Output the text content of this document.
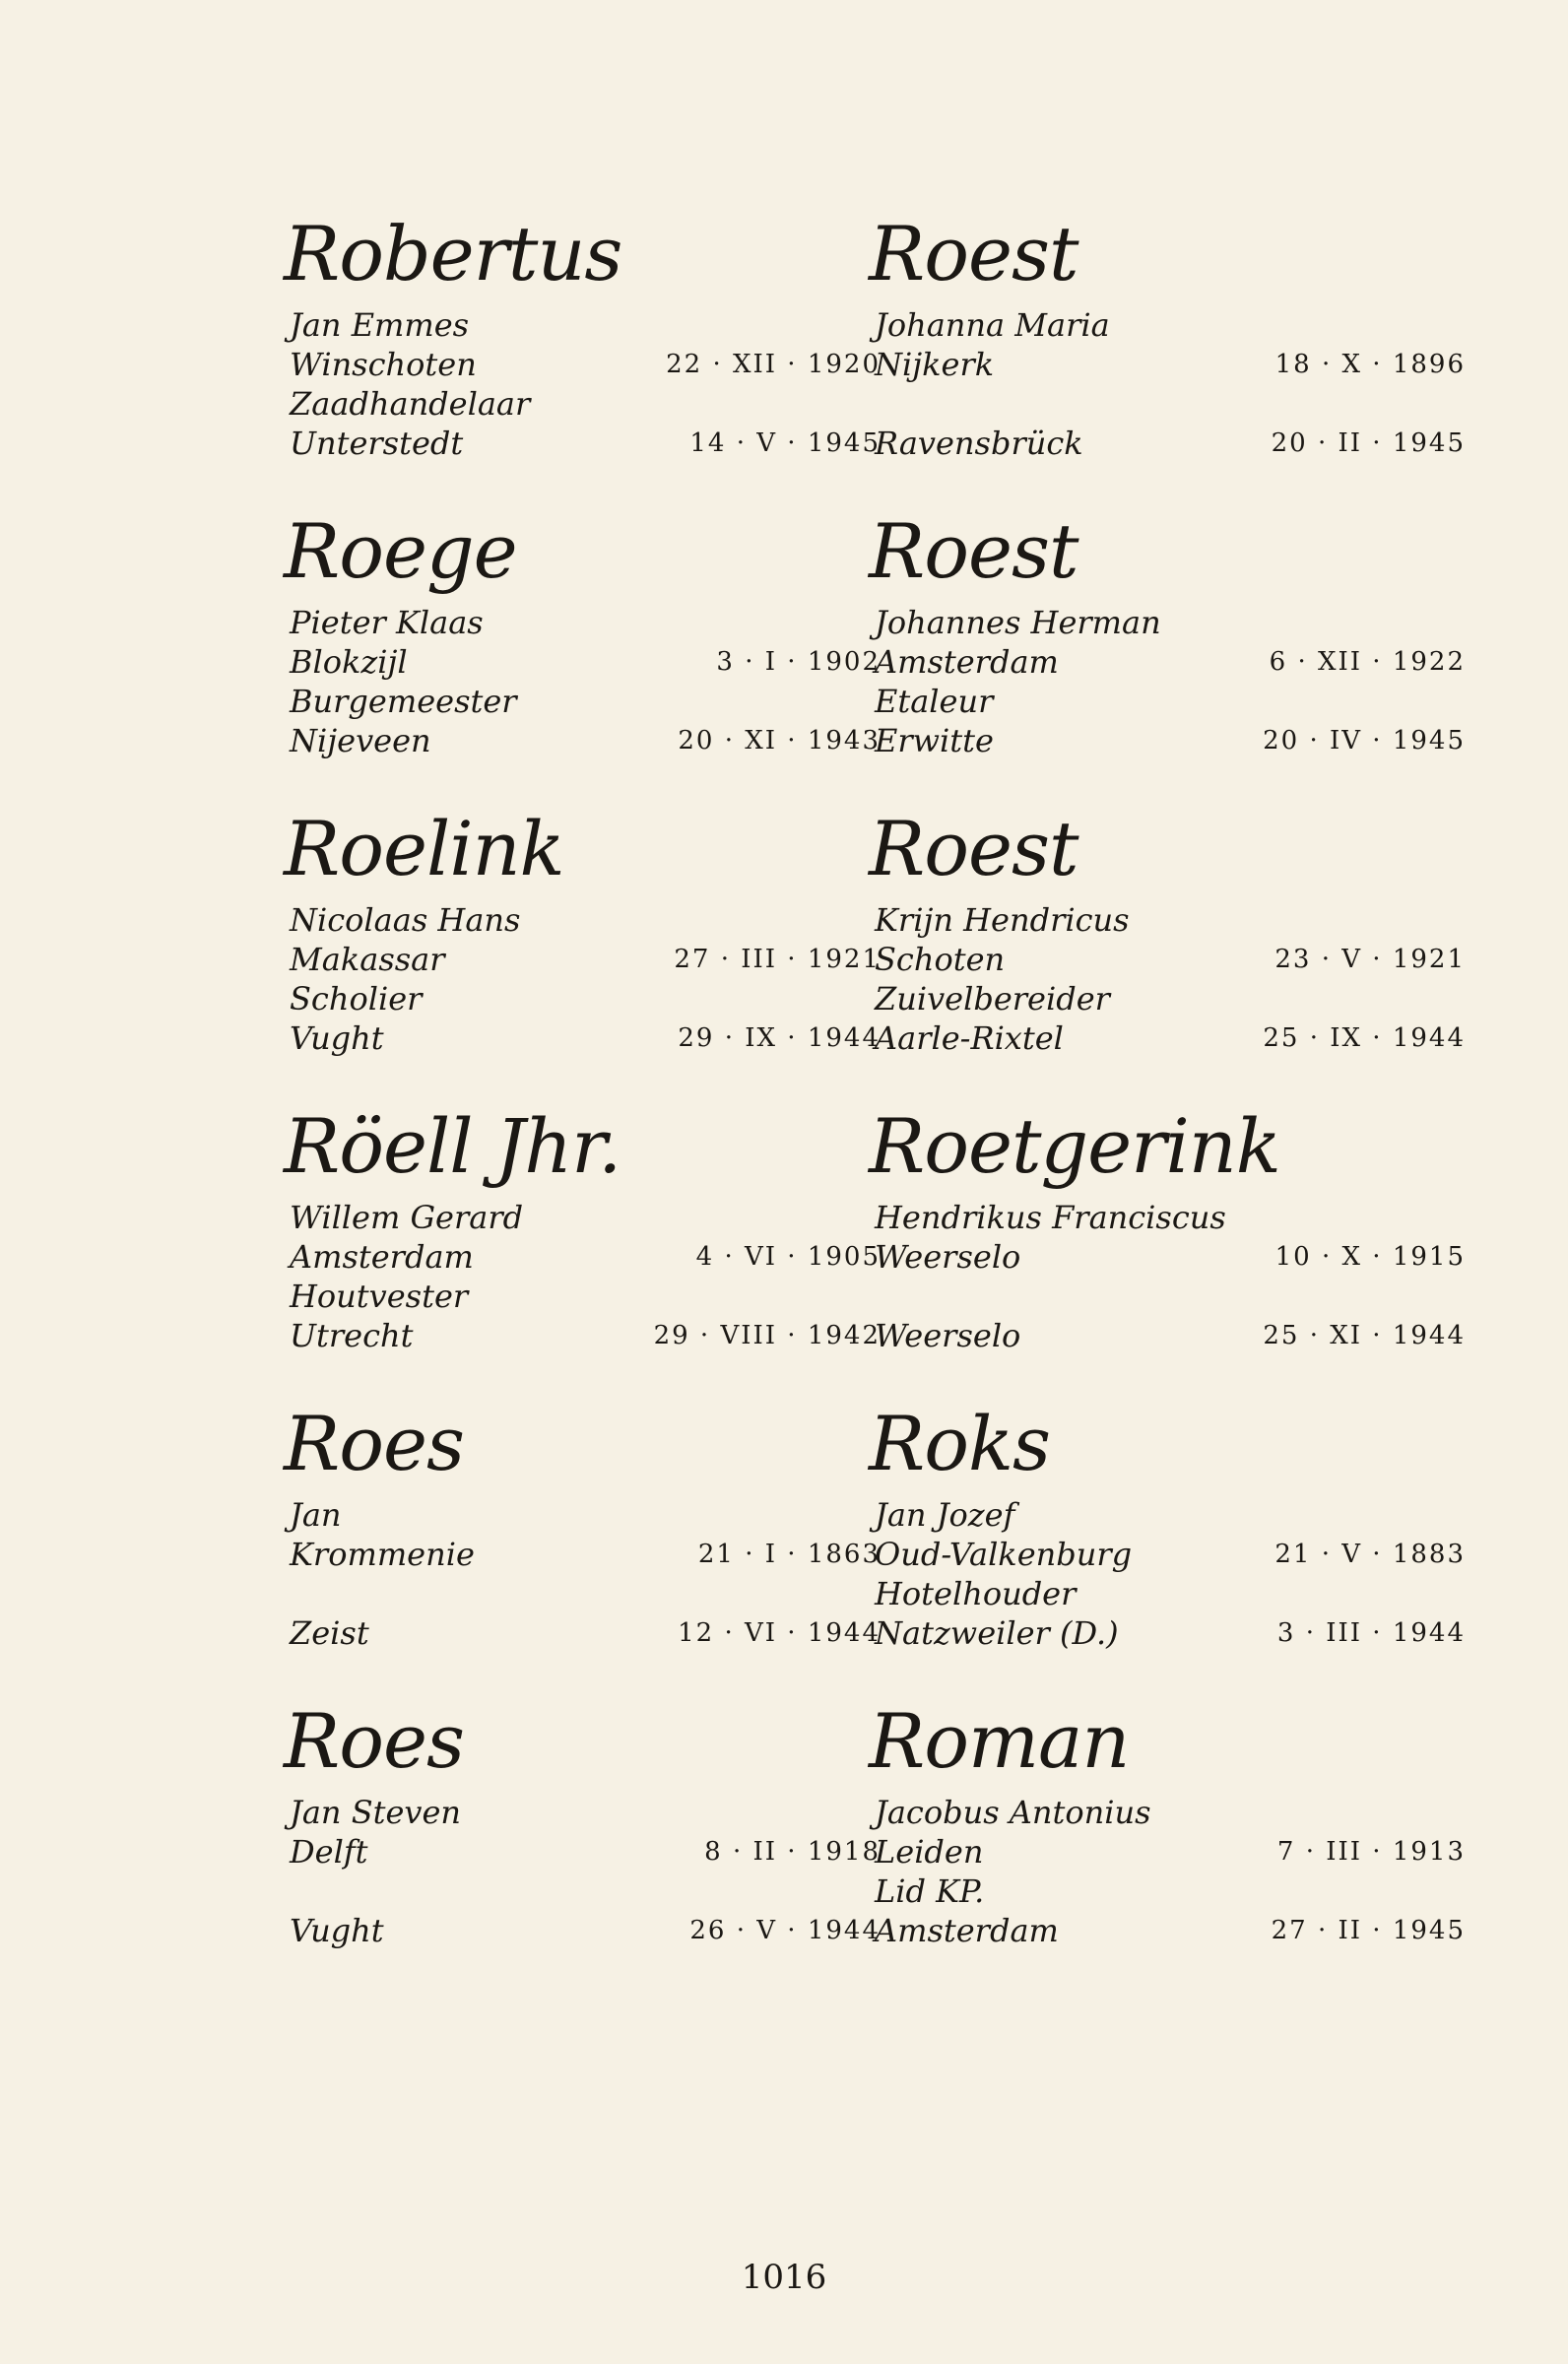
Robertus
Jan Emmes
Winschoten	22 · XII · 1920
Zaadhandelaar
Unterstedt	14 · V · 1945
Roege
Pieter Klaas
Blokzijl	3 · I · 1902
Burgemeester
Nijeveen	20 · XI · 1943
Roelink
Nicolaas Hans
Makassar	27 · III · 1921
Scholier
Vught	29 · IX · 1944
Röell Jhr.
Willem Gerard
Amsterdam	4 · VI · 1905
Houtvester
Utrecht	29 · VIII · 1942
Roes
Jan
Krommenie	21 · I · 1863
Zeist	12 · VI · 1944
Roes
Jan Steven
Delft	8 · II · 1918
Vught	26 · V · 1944
Roest
Johanna Maria
Nijkerk	18 · X · 1896
Ravensbrück	20 · II · 1945
Roest
Johannes Herman
Amsterdam	6 · XII · 1922
Etaleur
Erwitte	20 · IV · 1945
Roest
Krijn Hendricus
Schoten	23 · V · 1921
Zuivelbereider
Aarle-Rixtel	25 · IX · 1944
Roetgerink
Hendrikus Franciscus
Weerselo	10 · X · 1915
Weerselo	25 · XI · 1944
Roks
Jan Jozef
Oud-Valkenburg	21 · V · 1883
Hotelhouder
Natzweiler (D.)	3 · III · 1944
Roman
Jacobus Antonius
Leiden	7 · III · 1913
Lid KP.
Amsterdam	27 · II · 1945
1016
